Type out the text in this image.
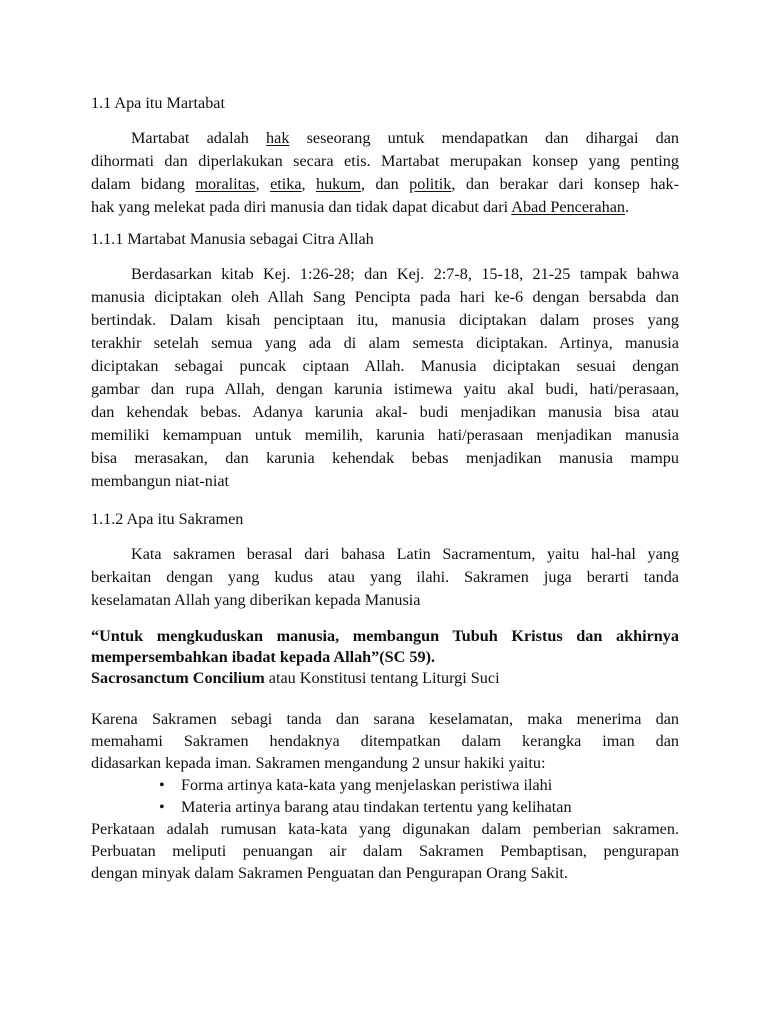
1.1 Apa itu Martabat
Martabat adalah hak seseorang untuk mendapatkan dan dihargai dan
dihormati dan diperlakukan secara etis. Martabat merupakan konsep yang penting
dalam bidang moralitas, etika, hukum, dan politik, dan berakar dari konsep hak-
hak yang melekat pada diri manusia dan tidak dapat dicabut dari Abad Pencerahan.
1.1.1 Martabat Manusia sebagai Citra Allah
Berdasarkan kitab Kej. 1:26-28; dan Kej. 2:7-8, 15-18, 21-25 tampak bahwa
manusia diciptakan oleh Allah Sang Pencipta pada hari ke-6 dengan bersabda dan
bertindak. Dalam kisah penciptaan itu, manusia diciptakan dalam proses yang
terakhir setelah semua yang ada di alam semesta diciptakan. Artinya, manusia
diciptakan sebagai puncak ciptaan Allah. Manusia diciptakan sesuai dengan
gambar dan rupa Allah, dengan karunia istimewa yaitu akal budi, hati/perasaan,
dan kehendak bebas. Adanya karunia akal- budi menjadikan manusia bisa atau
memiliki kemampuan untuk memilih, karunia hati/perasaan menjadikan manusia
bisa merasakan, dan karunia kehendak bebas menjadikan manusia mampu
membangun niat-niat
1.1.2 Apa itu Sakramen
Kata sakramen berasal dari bahasa Latin Sacramentum, yaitu hal-hal yang
berkaitan dengan yang kudus atau yang ilahi. Sakramen juga berarti tanda
keselamatan Allah yang diberikan kepada Manusia
“Untuk mengkuduskan manusia, membangun Tubuh Kristus dan akhirnya
mempersembahkan ibadat kepada Allah”(SC 59).
Sacrosanctum Concilium atau Konstitusi tentang Liturgi Suci
Karena Sakramen sebagi tanda dan sarana keselamatan, maka menerima dan
memahami Sakramen hendaknya ditempatkan dalam kerangka iman dan
didasarkan kepada iman. Sakramen mengandung 2 unsur hakiki yaitu:
• Forma artinya kata-kata yang menjelaskan peristiwa ilahi
• Materia artinya barang atau tindakan tertentu yang kelihatan
Perkataan adalah rumusan kata-kata yang digunakan dalam pemberian sakramen.
Perbuatan meliputi penuangan air dalam Sakramen Pembaptisan, pengurapan
dengan minyak dalam Sakramen Penguatan dan Pengurapan Orang Sakit.
